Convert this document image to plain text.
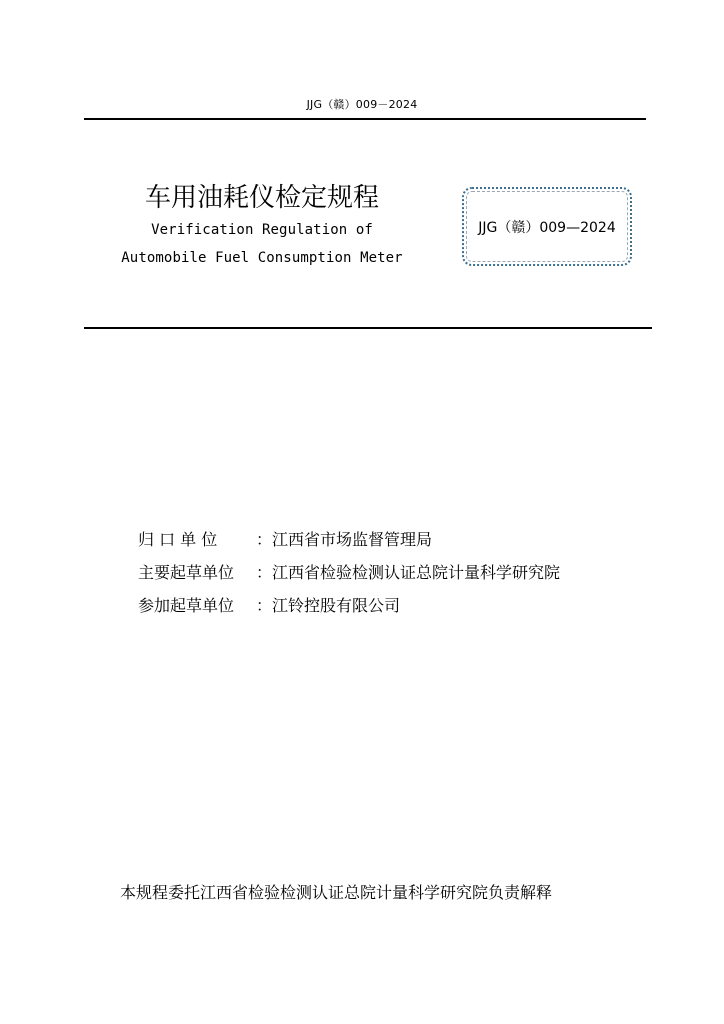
JJG（赣）009－2024
车用油耗仪检定规程
Verification Regulation of
Automobile Fuel Consumption Meter
JJG（赣）009—2024
归 口 单 位 ：江西省市场监督管理局
主要起草单位 ：江西省检验检测认证总院计量科学研究院
参加起草单位 ：江铃控股有限公司
本规程委托江西省检验检测认证总院计量科学研究院负责解释
